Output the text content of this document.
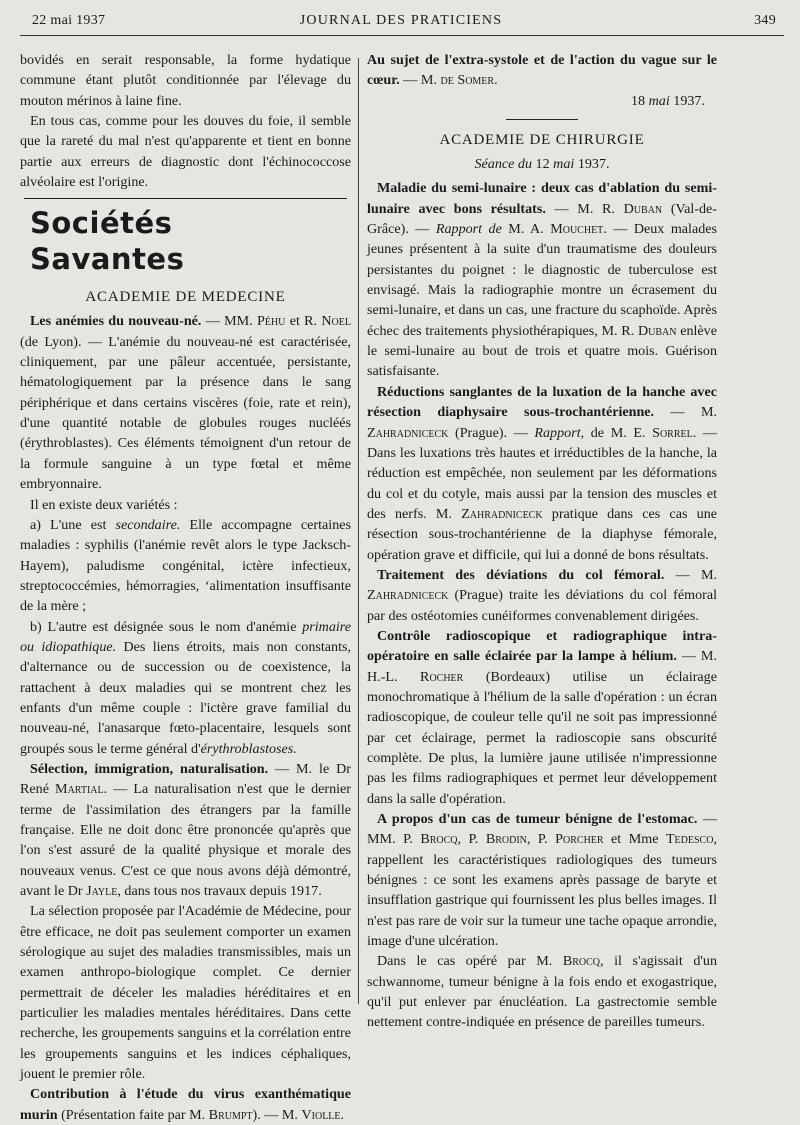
22 mai 1937	JOURNAL DES PRATICIENS	349

bovidés en serait responsable, la forme hydatique commune étant plutôt conditionnée par l'élevage du mouton mérinos à laine fine.

En tous cas, comme pour les douves du foie, il semble que la rareté du mal n'est qu'apparente et tient en bonne partie aux erreurs de diagnostic dont l'échinococcose alvéolaire est l'origine.

Sociétés Savantes
ACADEMIE DE MEDECINE

Les anémies du nouveau-né. — MM. Péhu et R. Noel (de Lyon). — L'anémie du nouveau-né est caractérisée, cliniquement, par une pâleur accentuée, persistante, hématologiquement par la présence dans le sang périphérique et dans certains viscères (foie, rate et rein), d'une quantité notable de globules rouges nucléés (érythroblastes). Ces éléments témoignent d'un retour de la formule sanguine à un type fœtal et même embryonnaire.

Il en existe deux variétés :

a) L'une est secondaire. Elle accompagne certaines maladies : syphilis (l'anémie revêt alors le type Jacksch-Hayem), paludisme congénital, ictère infectieux, streptococcémies, hémorragies, ‘alimentation insuffisante de la mère ;

b) L'autre est désignée sous le nom d'anémie primaire ou idiopathique. Des liens étroits, mais non constants, d'alternance ou de succession ou de coexistence, la rattachent à deux maladies qui se montrent chez les enfants d'un même couple : l'ictère grave familial du nouveau-né, l'anasarque fœto-placentaire, lesquels sont groupés sous le terme général d'érythroblastoses.

Sélection, immigration, naturalisation. — M. le Dr René Martial. — La naturalisation n'est que le dernier terme de l'assimilation des étrangers par la famille française. Elle ne doit donc être prononcée qu'après que l'on s'est assuré de la qualité physique et morale des nouveaux venus. C'est ce que nous avons déjà démontré, avant le Dr Jayle, dans tous nos travaux depuis 1917.

La sélection proposée par l'Académie de Médecine, pour être efficace, ne doit pas seulement comporter un examen sérologique au sujet des maladies transmissibles, mais un examen anthropo-biologique complet. Ce dernier permettrait de déceler les maladies héréditaires et en particulier les maladies mentales héréditaires. Dans cette recherche, les groupements sanguins et la corrélation entre les groupements sanguins et les indices céphaliques, jouent le premier rôle.

Contribution à l'étude du virus exanthématique murin (Présentation faite par M. Brumpt). — M. Violle.

Au sujet de l'extra-systole et de l'action du vague sur le cœur. — M. de Somer.

18 mai 1937.

ACADEMIE DE CHIRURGIE
Séance du 12 mai 1937.

Maladie du semi-lunaire : deux cas d'ablation du semi-lunaire avec bons résultats. — M. R. Duban (Val-de-Grâce). — Rapport de M. A. Mouchet. — Deux malades jeunes présentent à la suite d'un traumatisme des douleurs persistantes du poignet : le diagnostic de tuberculose est envisagé. Mais la radiographie montre un écrasement du semi-lunaire, et dans un cas, une fracture du scaphoïde. Après échec des traitements physiothérapiques, M. R. Duban enlève le semi-lunaire au bout de trois et quatre mois. Guérison satisfaisante.

Réductions sanglantes de la luxation de la hanche avec résection diaphysaire sous-trochantérienne. — M. Zahradniceck (Prague). — Rapport, de M. E. Sorrel. — Dans les luxations très hautes et irréductibles de la hanche, la réduction est empêchée, non seulement par les déformations du col et du cotyle, mais aussi par la tension des muscles et des nerfs. M. Zahradniceck pratique dans ces cas une résection sous-trochantérienne de la diaphyse fémorale, opération grave et difficile, qui lui a donné de bons résultats.

Traitement des déviations du col fémoral. — M. Zahradniceck (Prague) traite les déviations du col fémoral par des ostéotomies cunéiformes convenablement dirigées.

Contrôle radioscopique et radiographique intra-opératoire en salle éclairée par la lampe à hélium. — M. H.-L. Rocher (Bordeaux) utilise un éclairage monochromatique à l'hélium de la salle d'opération : un écran radioscopique, de couleur telle qu'il ne soit pas impressionné par cet éclairage, permet la radioscopie sans obscurité complète. De plus, la lumière jaune utilisée n'impressionne pas les films radiographiques et permet leur développement dans la salle d'opération.

A propos d'un cas de tumeur bénigne de l'estomac. — MM. P. Brocq, P. Brodin, P. Porcher et Mme Tedesco, rappellent les caractéristiques radiologiques des tumeurs bénignes : ce sont les examens après passage de baryte et insufflation gastrique qui fournissent les plus belles images. Il n'est pas rare de voir sur la tumeur une tache opaque arrondie, image d'une ulcération.

Dans le cas opéré par M. Brocq, il s'agissait d'un schwannome, tumeur bénigne à la fois endo et exogastrique, qu'il put enlever par énucléation. La gastrectomie semble nettement contre-indiquée en présence de pareilles tumeurs.
